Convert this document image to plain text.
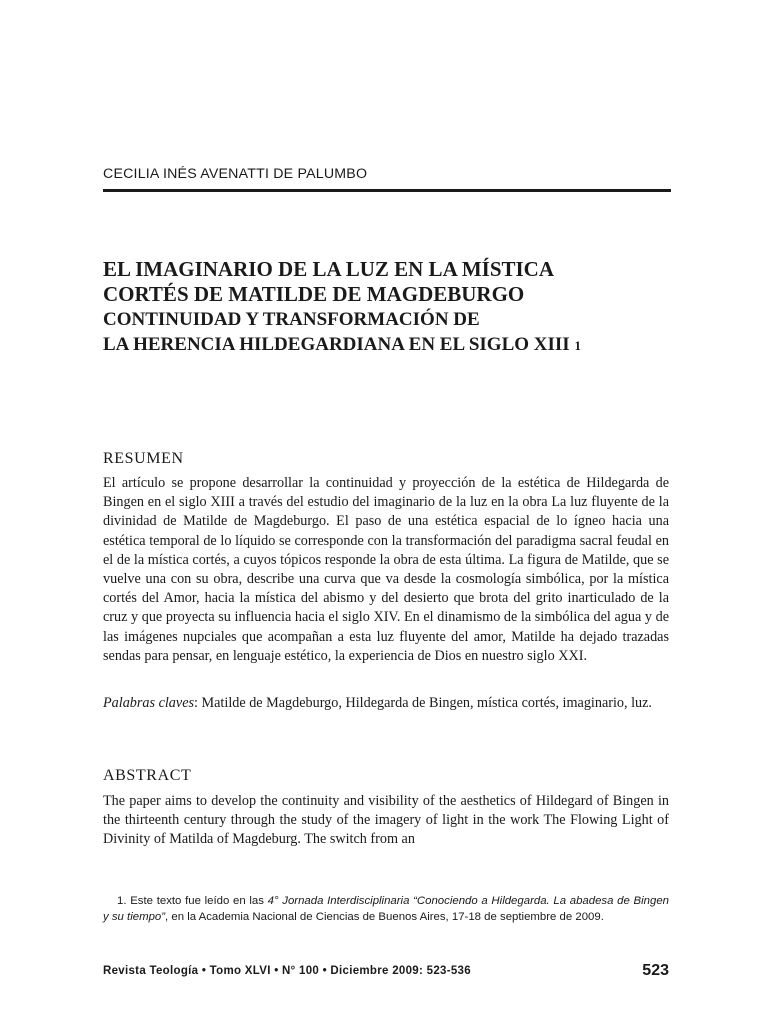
CECILIA INÉS AVENATTI DE PALUMBO
EL IMAGINARIO DE LA LUZ EN LA MÍSTICA
CORTÉS DE MATILDE DE MAGDEBURGO
CONTINUIDAD Y TRANSFORMACIÓN DE
LA HERENCIA HILDEGARDIANA EN EL SIGLO XIII 1
RESUMEN
El artículo se propone desarrollar la continuidad y proyección de la estética de Hildegarda de Bingen en el siglo XIII a través del estudio del imaginario de la luz en la obra La luz fluyente de la divinidad de Matilde de Magdeburgo. El paso de una estética espacial de lo ígneo hacia una estética temporal de lo líquido se corresponde con la transformación del paradigma sacral feudal en el de la mística cortés, a cuyos tópicos responde la obra de esta última. La figura de Matilde, que se vuelve una con su obra, describe una curva que va desde la cosmología simbólica, por la mística cortés del Amor, hacia la mística del abismo y del desierto que brota del grito inarticulado de la cruz y que proyecta su influencia hacia el siglo XIV. En el dinamismo de la simbólica del agua y de las imágenes nupciales que acompañan a esta luz fluyente del amor, Matilde ha dejado trazadas sendas para pensar, en lenguaje estético, la experiencia de Dios en nuestro siglo XXI.
Palabras claves: Matilde de Magdeburgo, Hildegarda de Bingen, mística cortés, imaginario, luz.
ABSTRACT
The paper aims to develop the continuity and visibility of the aesthetics of Hildegard of Bingen in the thirteenth century through the study of the imagery of light in the work The Flowing Light of Divinity of Matilda of Magdeburg. The switch from an
1. Este texto fue leído en las 4° Jornada Interdisciplinaria “Conociendo a Hildegarda. La abadesa de Bingen y su tiempo”, en la Academia Nacional de Ciencias de Buenos Aires, 17-18 de septiembre de 2009.
Revista Teología • Tomo XLVI • N° 100 • Diciembre 2009: 523-536	523
